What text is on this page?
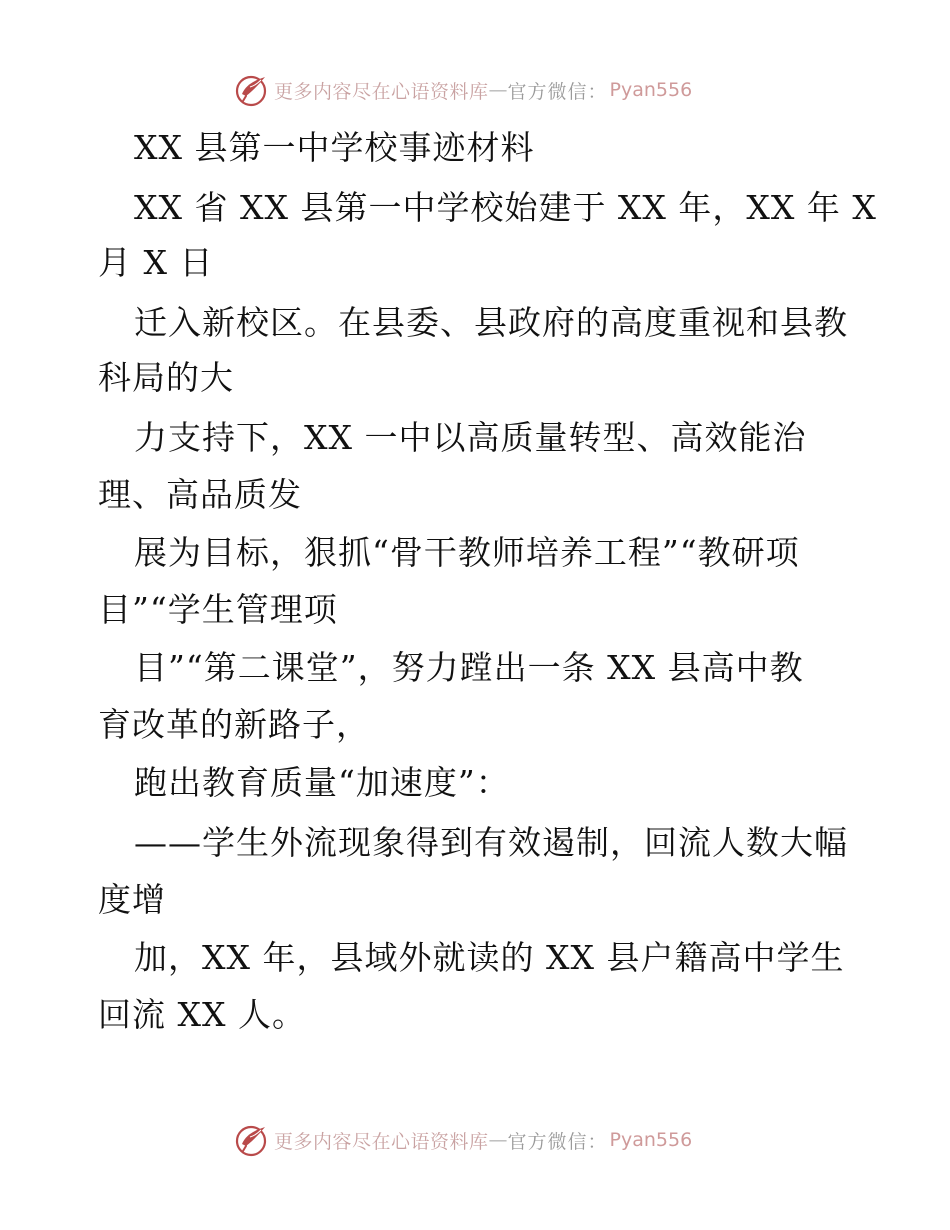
更多内容尽在心语资料库 — 官方微信： Pyan556
XX 县第一中学校事迹材料
XX 省 XX 县第一中学校始建于 XX 年，XX 年 X
月 X 日
迁入新校区。在县委、县政府的高度重视和县教
科局的大
力支持下，XX 一中以高质量转型、高效能治
理、高品质发
展为目标，狠抓“骨干教师培养工程”“教研项
目”“学生管理项
目”“第二课堂”，努力蹚出一条 XX 县高中教
育改革的新路子，
跑出教育质量“加速度”：
——学生外流现象得到有效遏制，回流人数大幅
度增
加，XX 年，县域外就读的 XX 县户籍高中学生
回流 XX 人。
更多内容尽在心语资料库 — 官方微信： Pyan556
